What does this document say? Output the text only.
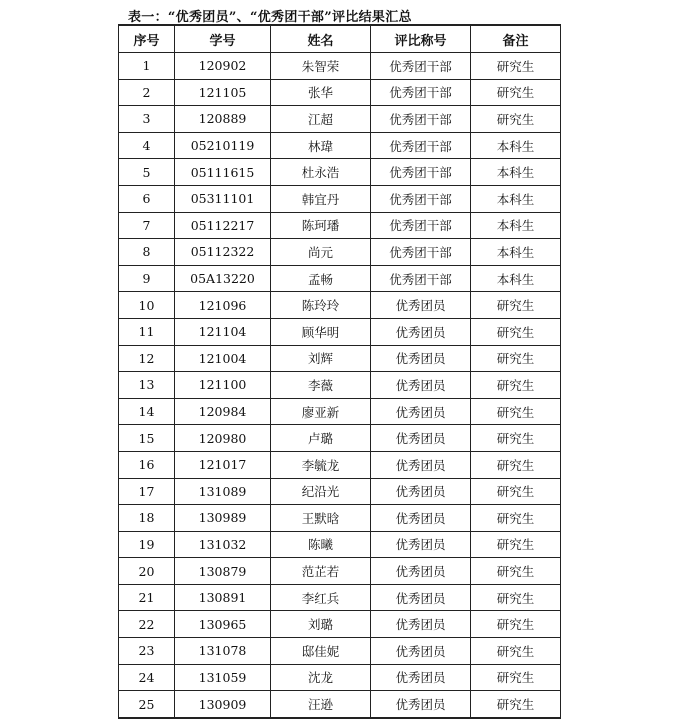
表一：“优秀团员”、“优秀团干部”评比结果汇总
序号	学号	姓名	评比称号	备注
1	120902	朱智荣	优秀团干部	研究生
2	121105	张华	优秀团干部	研究生
3	120889	江超	优秀团干部	研究生
4	05210119	林瑋	优秀团干部	本科生
5	05111615	杜永浩	优秀团干部	本科生
6	05311101	韩宜丹	优秀团干部	本科生
7	05112217	陈珂璠	优秀团干部	本科生
8	05112322	尚元	优秀团干部	本科生
9	05A13220	孟畅	优秀团干部	本科生
10	121096	陈玲玲	优秀团员	研究生
11	121104	顾华明	优秀团员	研究生
12	121004	刘辉	优秀团员	研究生
13	121100	李薇	优秀团员	研究生
14	120984	廖亚新	优秀团员	研究生
15	120980	卢璐	优秀团员	研究生
16	121017	李毓龙	优秀团员	研究生
17	131089	纪沿光	优秀团员	研究生
18	130989	王默晗	优秀团员	研究生
19	131032	陈曦	优秀团员	研究生
20	130879	范芷若	优秀团员	研究生
21	130891	李红兵	优秀团员	研究生
22	130965	刘璐	优秀团员	研究生
23	131078	邸佳妮	优秀团员	研究生
24	131059	沈龙	优秀团员	研究生
25	130909	汪逊	优秀团员	研究生
